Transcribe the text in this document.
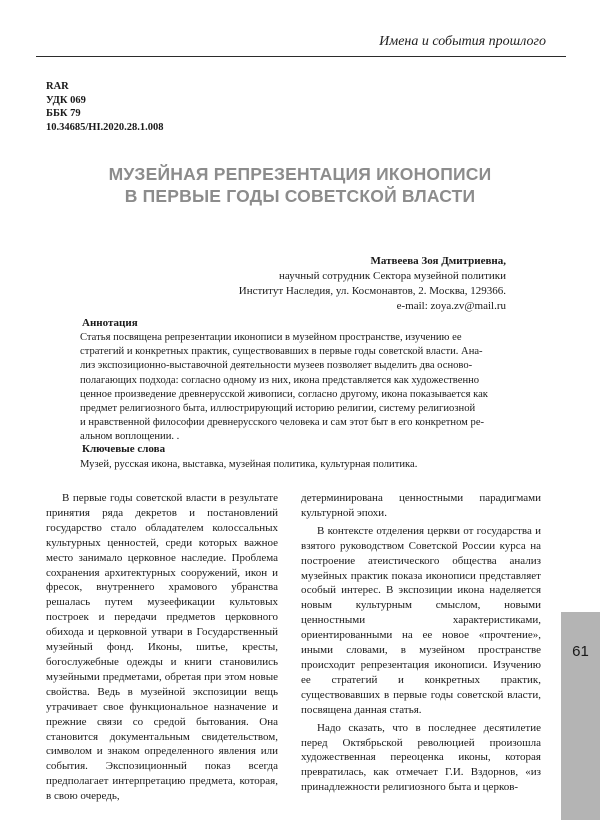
Имена и события прошлого
RAR
УДК 069
ББК 79
10.34685/HI.2020.28.1.008
МУЗЕЙНАЯ РЕПРЕЗЕНТАЦИЯ ИКОНОПИСИ
В ПЕРВЫЕ ГОДЫ СОВЕТСКОЙ ВЛАСТИ
Матвеева Зоя Дмитриевна,
научный сотрудник Сектора музейной политики
Институт Наследия, ул. Космонавтов, 2. Москва, 129366.
e-mail: zoya.zv@mail.ru
Аннотация
Статья посвящена репрезентации иконописи в музейном пространстве, изучению ее
стратегий и конкретных практик, существовавших в первые годы советской власти. Ана-
лиз экспозиционно-выставочной деятельности музеев позволяет выделить два осново-
полагающих подхода: согласно одному из них, икона представляется как художественно
ценное произведение древнерусской живописи, согласно другому, икона показывается как
предмет религиозного быта, иллюстрирующий историю религии, систему религиозной
и нравственной философии древнерусского человека и сам этот быт в его конкретном ре-
альном воплощении. .
Ключевые слова
Музей, русская икона, выставка, музейная политика, культурная политика.

В первые годы советской власти в результате принятия ряда декретов и постановлений государство стало обладателем колоссальных культурных ценностей, среди которых важное место занимало церковное наследие. Проблема сохранения архитектурных сооружений, икон и фресок, внутреннего храмового убранства решалась путем музеефикации культовых построек и передачи предметов церковного обихода и церковной утвари в Государственный музейный фонд. Иконы, шитье, кресты, богослужебные одежды и книги становились музейными предметами, обретая при этом новые свойства. Ведь в музейной экспозиции вещь утрачивает свое функциональное назначение и прежние связи со средой бытования. Она становится документальным свидетельством, символом и знаком определенного явления или события. Экспозиционный показ всегда предполагает интерпретацию предмета, которая, в свою очередь,

детерминирована ценностными парадигмами культурной эпохи.

В контексте отделения церкви от государства и взятого руководством Советской России курса на построение атеистического общества анализ музейных практик показа иконописи представляет особый интерес. В экспозиции икона наделяется новым культурным смыслом, новыми ценностными характеристиками, ориентированными на ее новое «прочтение», иными словами, в музейном пространстве происходит репрезентация иконописи. Изучению ее стратегий и конкретных практик, существовавших в первые годы советской власти, посвящена данная статья.

Надо сказать, что в последнее десятилетие перед Октябрьской революцией произошла художественная переоценка иконы, которая превратилась, как отмечает Г.И. Вздорнов, «из принадлежности религиозного быта и церков-

61
